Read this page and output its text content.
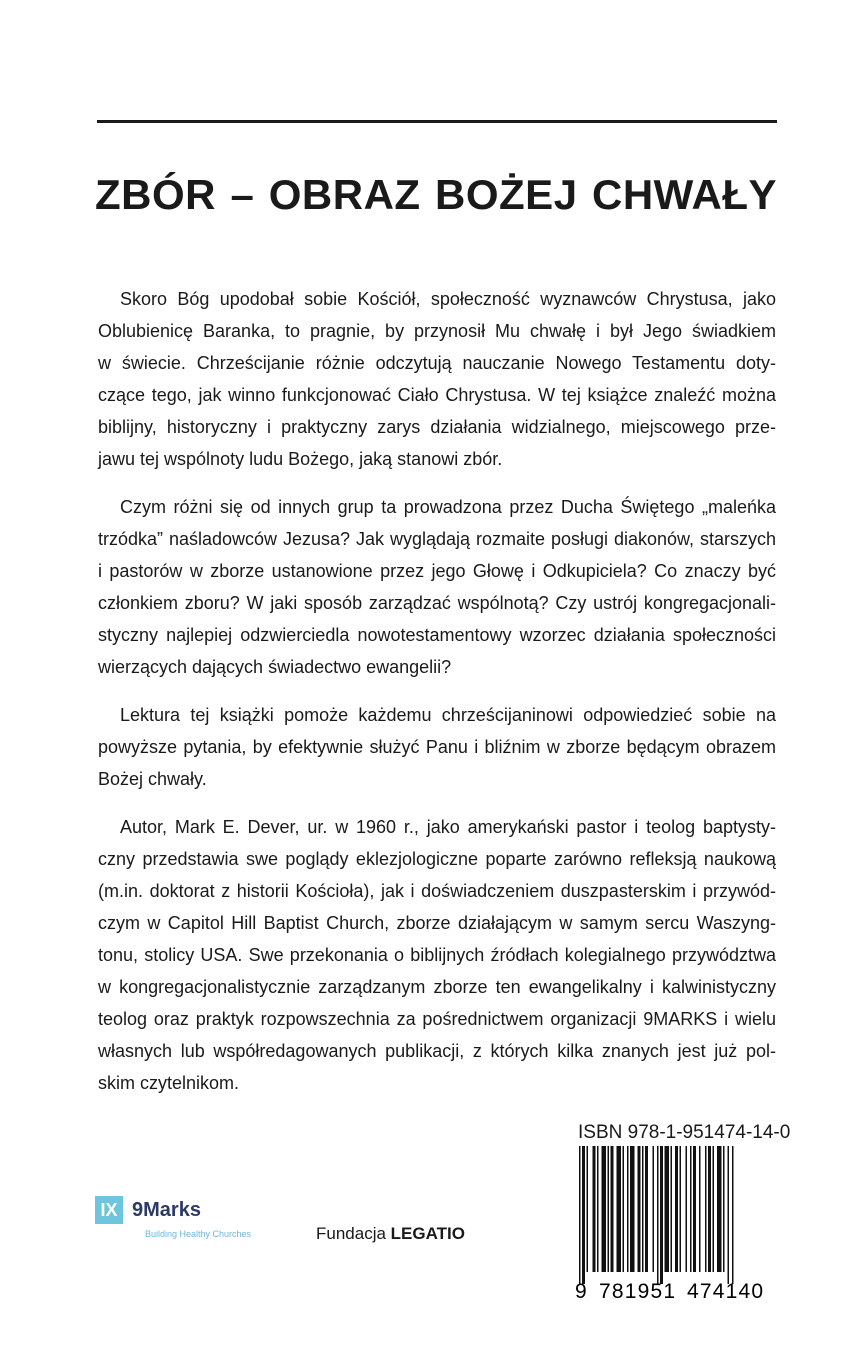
ZBÓR – OBRAZ BOŻEJ CHWAŁY
Skoro Bóg upodobał sobie Kościół, społeczność wyznawców Chrystusa, jako
Oblubienicę Baranka, to pragnie, by przynosił Mu chwałę i był Jego świadkiem
w świecie. Chrześcijanie różnie odczytują nauczanie Nowego Testamentu doty-
czące tego, jak winno funkcjonować Ciało Chrystusa. W tej książce znaleźć można
biblijny, historyczny i praktyczny zarys działania widzialnego, miejscowego prze-
jawu tej wspólnoty ludu Bożego, jaką stanowi zbór.
Czym różni się od innych grup ta prowadzona przez Ducha Świętego „maleńka
trzódka” naśladowców Jezusa? Jak wyglądają rozmaite posługi diakonów, starszych
i pastorów w zborze ustanowione przez jego Głowę i Odkupiciela? Co znaczy być
członkiem zboru? W jaki sposób zarządzać wspólnotą? Czy ustrój kongregacjonali-
styczny najlepiej odzwierciedla nowotestamentowy wzorzec działania społeczności
wierzących dających świadectwo ewangelii?
Lektura tej książki pomoże każdemu chrześcijaninowi odpowiedzieć sobie na
powyższe pytania, by efektywnie służyć Panu i bliźnim w zborze będącym obrazem
Bożej chwały.
Autor, Mark E. Dever, ur. w 1960 r., jako amerykański pastor i teolog baptysty-
czny przedstawia swe poglądy eklezjologiczne poparte zarówno refleksją naukową
(m.in. doktorat z historii Kościoła), jak i doświadczeniem duszpasterskim i przywód-
czym w Capitol Hill Baptist Church, zborze działającym w samym sercu Waszyng-
tonu, stolicy USA. Swe przekonania o biblijnych źródłach kolegialnego przywództwa
w kongregacjonalistycznie zarządzanym zborze ten ewangelikalny i kalwinistyczny
teolog oraz praktyk rozpowszechnia za pośrednictwem organizacji 9MARKS i wielu
własnych lub współredagowanych publikacji, z których kilka znanych jest już pol-
skim czytelnikom.
ISBN 978-1-951474-14-0
9 781951 474140
IX 9Marks
Building Healthy Churches	Fundacja LEGATIO
